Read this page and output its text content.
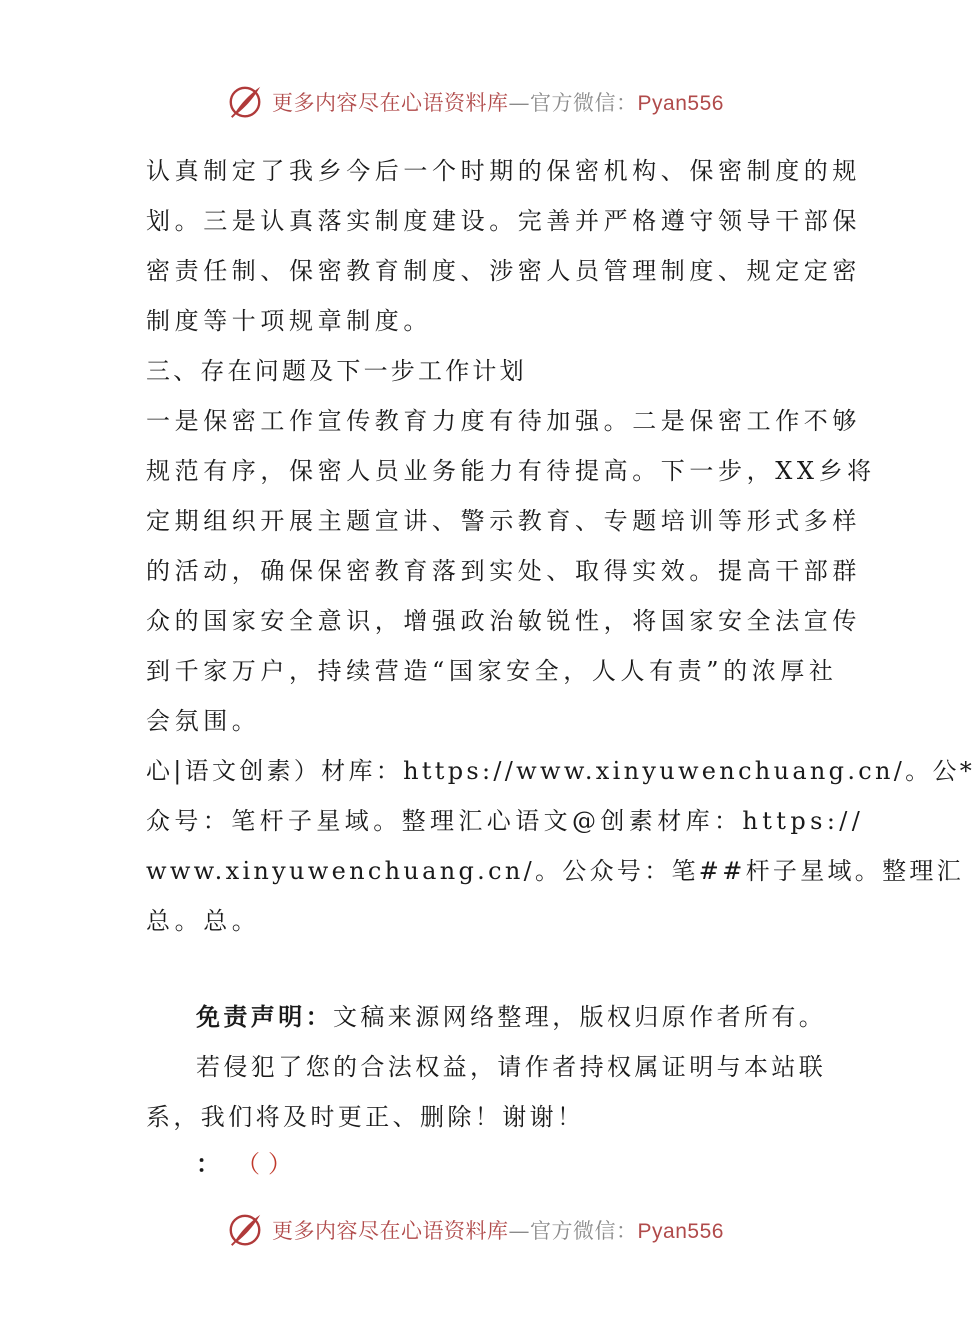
更多内容尽在心语资料库—官方微信：Pyan556
认真制定了我乡今后一个时期的保密机构、保密制度的规
划。三是认真落实制度建设。完善并严格遵守领导干部保
密责任制、保密教育制度、涉密人员管理制度、规定定密
制度等十项规章制度。
三、存在问题及下一步工作计划
一是保密工作宣传教育力度有待加强。二是保密工作不够
规范有序，保密人员业务能力有待提高。下一步，XX乡将
定期组织开展主题宣讲、警示教育、专题培训等形式多样
的活动，确保保密教育落到实处、取得实效。提高干部群
众的国家安全意识，增强政治敏锐性，将国家安全法宣传
到千家万户，持续营造“国家安全，人人有责”的浓厚社
会氛围。
心|语文创素）材库：https://www.xinyuwenchuang.cn/。公*
众号：笔杆子星域。整理汇心语文@创素材库：https://
www.xinyuwenchuang.cn/。公众号：笔##杆子星域。整理汇
总。总。
免责声明：文稿来源网络整理，版权归原作者所有。
若侵犯了您的合法权益，请作者持权属证明与本站联
系，我们将及时更正、删除！谢谢！
： （）
更多内容尽在心语资料库—官方微信：Pyan556
